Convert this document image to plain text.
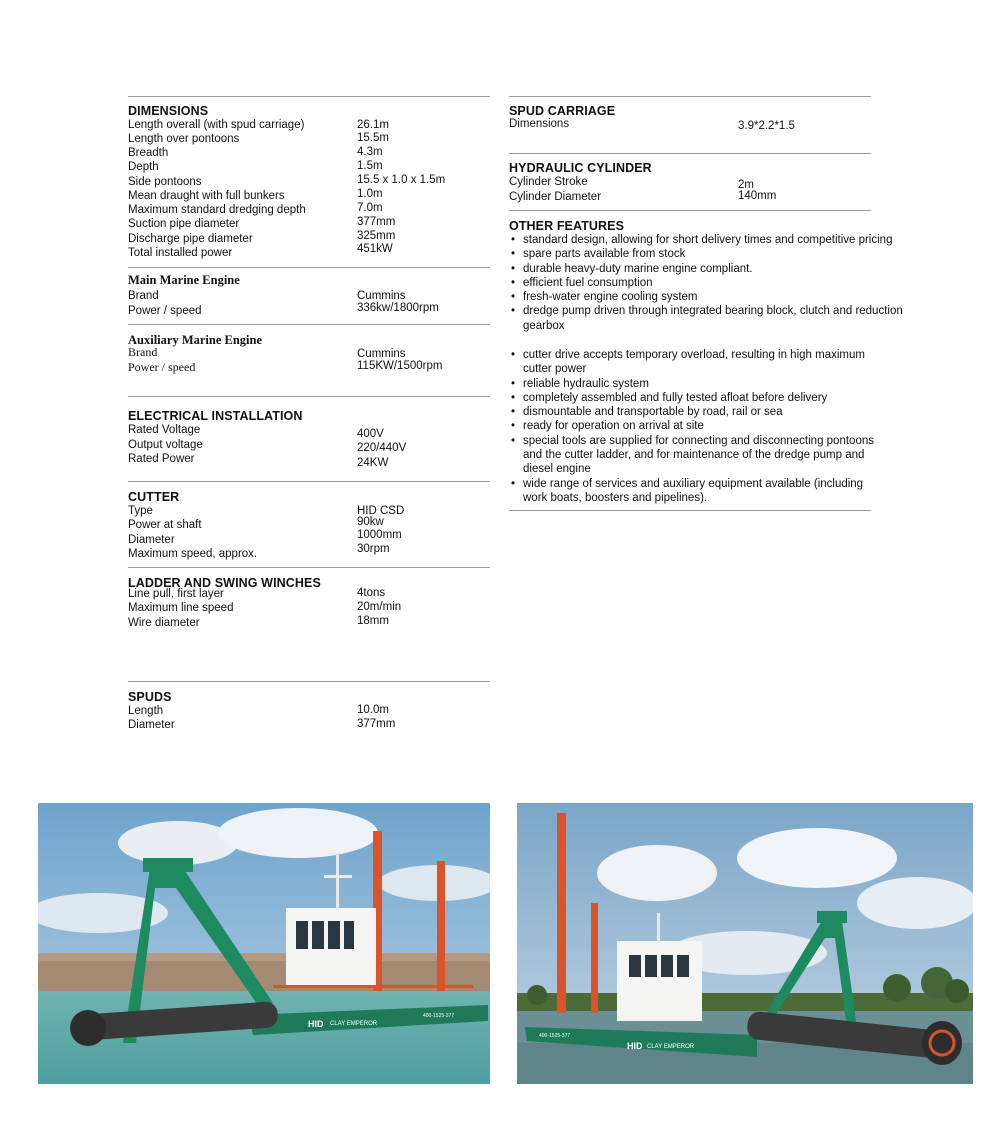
DIMENSIONS
Length overall (with spud carriage)	26.1m
Length over pontoons	15.5m
Breadth	4.3m
Depth	1.5m
Side pontoons	15.5 x 1.0 x 1.5m
Mean draught with full bunkers	1.0m
Maximum standard dredging depth	7.0m
Suction pipe diameter	377mm
Discharge pipe diameter	325mm
Total installed power	451kW
Main Marine Engine
Brand	Cummins
Power / speed	336kw/1800rpm
Auxiliary Marine Engine
Brand	Cummins
Power / speed	115KW/1500rpm
ELECTRICAL INSTALLATION
Rated Voltage	400V
Output voltage	220/440V
Rated Power	24KW
CUTTER
Type	HID CSD
Power at shaft	90kw
Diameter	1000mm
Maximum speed, approx.	30rpm
LADDER AND SWING WINCHES
Line pull, first layer	4tons
Maximum line speed	20m/min
Wire diameter	18mm
SPUDS
Length	10.0m
Diameter	377mm
SPUD CARRIAGE
Dimensions	3.9*2.2*1.5
HYDRAULIC CYLINDER
Cylinder Stroke	2m
Cylinder Diameter	140mm
OTHER FEATURES
• standard design, allowing for short delivery times and competitive pricing
• spare parts available from stock
• durable heavy-duty marine engine compliant.
• efficient fuel consumption
• fresh-water engine cooling system
• dredge pump driven through integrated bearing block, clutch and reduction gearbox
• cutter drive accepts temporary overload, resulting in high maximum cutter power
• reliable hydraulic system
• completely assembled and fully tested afloat before delivery
• dismountable and transportable by road, rail or sea
• ready for operation on arrival at site
• special tools are supplied for connecting and disconnecting pontoons and the cutter ladder, and for maintenance of the dredge pump and diesel engine
• wide range of services and auxiliary equipment available (including work boats, boosters and pipelines).
HID CLAY EMPEROR
400-1525-377
HID CLAY EMPEROR
400-1525-377
